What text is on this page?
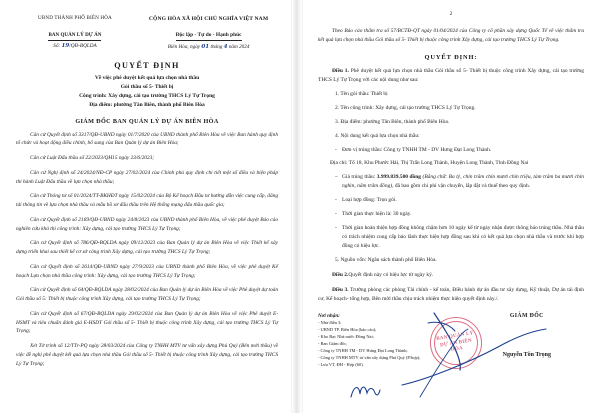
UBND THÀNH PHỐ BIÊN HÒA
BAN QUẢN LÝ DỰ ÁN
Số: 19/QĐ-BQLDA
CỘNG HÒA XÃ HỘI CHỦ NGHĨA VIỆT NAM
Độc lập - Tự do - Hạnh phúc
Biên Hòa, ngày 01 tháng 4 năm 2024
QUYẾT ĐỊNH
Về việc phê duyệt kết quả lựa chọn nhà thầu
Gói thầu số 5- Thiết bị
Công trình: Xây dựng, cải tạo trường THCS Lý Tự Trọng
Địa điểm: phường Tân Biên, thành phố Biên Hòa
GIÁM ĐỐC BAN QUẢN LÝ DỰ ÁN BIÊN HÒA
Căn cứ Quyết định số 3317/QĐ-UBND ngày 01/7/2020 của UBND thành phố Biên Hòa về việc Ban hành quy định tổ chức và hoạt động điều chỉnh, bổ sung của Ban Quản lý dự án Biên Hòa;
Căn cứ Luật Đấu thầu số 22/2023/QH15 ngày 23/6/2023;
Căn cứ Nghị định số 24/2024/NĐ-CP ngày 27/02/2024 của Chính phủ quy định chi tiết một số điều và biện pháp thi hành Luật Đấu thầu về lựa chọn nhà thầu;
Căn cứ Thông tư số 01/2024/TT-BKHĐT ngày 15/02/2024 của Bộ Kế hoạch Đầu tư hướng dẫn việc cung cấp, đăng tải thông tin về lựa chọn nhà thầu và mẫu hồ sơ đấu thầu trên Hệ thống mạng đấu thầu quốc gia;
Căn cứ Quyết định số 2169/QĐ-UBND ngày 24/8/2023 của UBND thành phố Biên Hòa, về việc phê duyệt Báo cáo nghiên cứu khả thi công trình: Xây dựng, cải tạo trường THCS Lý Tự Trọng;
Căn cứ Quyết định số 786/QĐ-BQLDA ngày 09/12/2023 của Ban Quản lý dự án Biên Hòa về việc Thiết kế xây dựng triển khai sau thiết kế cơ sở công trình Xây dựng, cải tạo trường THCS Lý Tự Trọng;
Căn cứ Quyết định số 2614/QĐ-UBND ngày 27/9/2023 của UBND thành phố Biên Hòa, về việc phê duyệt Kế hoạch Lựa chọn nhà thầu công trình: Xây dựng, cải tạo trường THCS Lý Tự Trọng;
Căn cứ Quyết định số 64/QĐ-BQLDA ngày 28/02/2024 của Ban Quản lý dự án Biên Hòa về việc Phê duyệt dự toán Gói thầu số 5: Thiết bị thuộc công trình Xây dựng, cải tạo trường THCS Lý Tự Trọng;
Căn cứ Quyết định số 67/QĐ-BQLDA ngày 29/02/2024 của Ban Quản lý dự án Biên Hòa về việc Phê duyệt E-HSMT và tiêu chuẩn đánh giá E-HSDT Gói thầu số 5- Thiết bị thuộc công trình Xây dựng, cải tạo trường THCS Lý Tự Trọng;
Xét Tờ trình số 12/TTr-PQ ngày 28/03/2024 của Công ty TNHH MTV tư vấn xây dựng Phú Quý (Bên mời thầu) về việc đề nghị phê duyệt kết quả lựa chọn nhà thầu Gói thầu số 5- Thiết bị thuộc công trình Xây dựng, cải tạo trường THCS Lý Tự Trọng;
2
Theo Báo cáo thẩm tra số 57/BCTĐ-QT ngày 01/04/2024 của Công ty cổ phần xây dựng Quốc Tế về việc thẩm tra kết quả lựa chọn nhà thầu Gói thầu số 5- Thiết bị thuộc công trình Xây dựng, cải tạo trường THCS Lý Tự Trọng.
QUYẾT ĐỊNH:
Điều 1. Phê duyệt kết quả lựa chọn nhà thầu Gói thầu số 5- Thiết bị thuộc công trình Xây dựng, cải tạo trường THCS Lý Tự Trọng với các nội dung như sau:
1. Tên gói thầu: Thiết bị
2. Tên công trình: Xây dựng, cải tạo trường THCS Lý Tự Trọng.
3. Địa điểm: phường Tân Biên, thành phố Biên Hòa.
4. Nội dung kết quả lựa chọn nhà thầu:
- Đơn vị trúng thầu: Công ty TNHH TM - DV Hưng Đạt Long Thành.
Địa chỉ: Tổ 18, Khu Phước Hải, Thị Trấn Long Thành, Huyện Long Thành, Tỉnh Đồng Nai
– Giá trúng thầu: 3.999.839.500 đồng (Bằng chữ: Ba tỷ, chín trăm chín mươi chín triệu, tám trăm ba mươi chín nghìn, năm trăm đồng), đã bao gồm chi phí vận chuyển, lắp đặt và thuế theo quy định.
- Loại hợp đồng: Trọn gói.
- Thời gian thực hiện là: 30 ngày.
- Thời gian hoàn thiện hợp đồng không chậm hơn 10 ngày kể từ ngày nhận được thông báo trúng thầu. Nhà thầu có trách nhiệm cung cấp bảo lãnh thực hiện hợp đồng sau khi có kết quả lựa chọn nhà thầu và trước khi hợp đồng có hiệu lực.
5. Nguồn vốn: Ngân sách thành phố Biên Hòa.
Điều 2.Quyết định này có hiệu lực từ ngày ký.
Điều 3. Trưởng phòng các phòng Tài chính - kế toán, Điều hành dự án đầu tư xây dựng, Kỹ thuật, Dự án tái định cư, Kế hoạch- tổng hợp, Bên mời thầu chịu trách nhiệm thực hiện quyết định này./.
Nơi nhận:
- Như điều 3;
- UBND TP. Biên Hòa (báo cáo);
- Kho Bạc Nhà nước Đồng Nai;
- Ban Giám đốc;
- Công ty TNHH TM - DV Hưng Đạt Long Thành;
- Công ty TNHH MTV tư vấn xây dựng Phú Quý (P/hợp);
- Lưu VT, ĐH - Hợp (60).
GIÁM ĐỐC
Nguyễn Tôn Trọng
BAN QUẢN LÝ DỰ ÁN BIÊN HÒA
